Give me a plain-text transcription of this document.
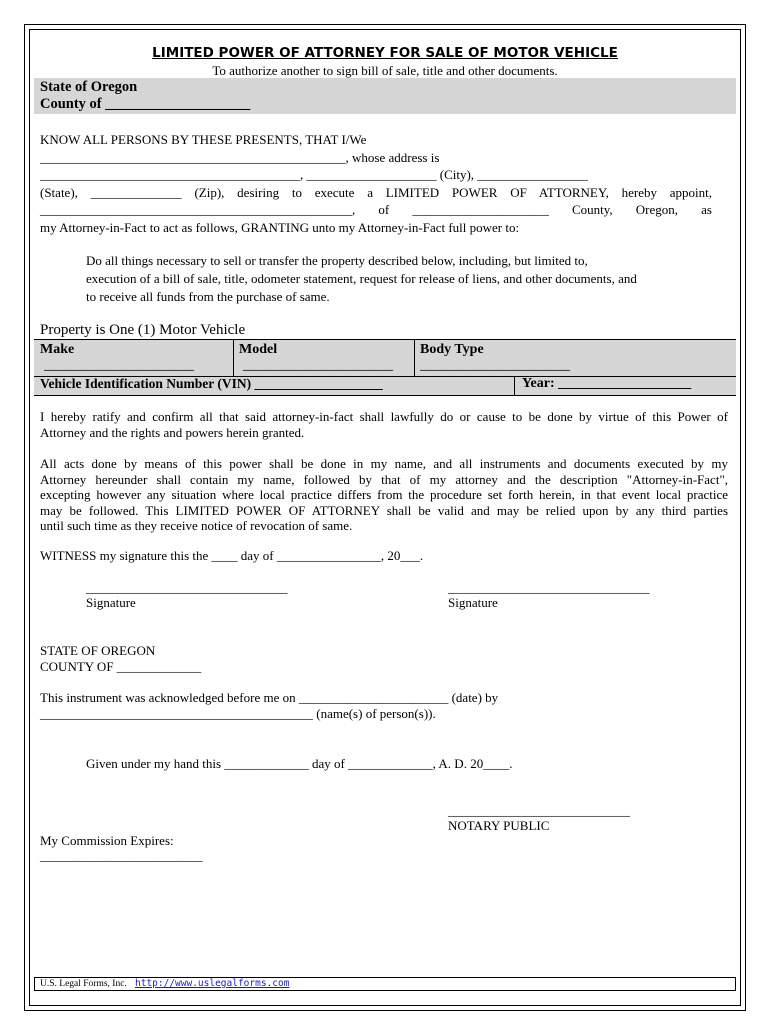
LIMITED POWER OF ATTORNEY FOR SALE OF MOTOR VEHICLE
To authorize another to sign bill of sale, title and other documents.
State of Oregon
County of ____________________
KNOW ALL PERSONS BY THESE PRESENTS, THAT I/We
_______________________________________________, whose address is
________________________________________, ____________________ (City), _________________
(State), ______________ (Zip), desiring to execute a LIMITED POWER OF ATTORNEY, hereby appoint,
________________________________________________, of _____________________ County, Oregon, as
my Attorney-in-Fact to act as follows, GRANTING unto my Attorney-in-Fact full power to:
Do all things necessary to sell or transfer the property described below, including, but limited to,
execution of a bill of sale, title, odometer statement, request for release of liens, and other documents, and
to receive all funds from the purchase of same.
Property is One (1) Motor Vehicle
Make
____________________
Model
____________________
Body Type
____________________
Vehicle Identification Number (VIN) ___________________	Year: ___________________
I hereby ratify and confirm all that said attorney-in-fact shall lawfully do or cause to be done by virtue of this Power of
Attorney and the rights and powers herein granted.
All acts done by means of this power shall be done in my name, and all instruments and documents executed by my
Attorney hereunder shall contain my name, followed by that of my attorney and the description "Attorney-in-Fact",
excepting however any situation where local practice differs from the procedure set forth herein, in that event local practice
may be followed. This LIMITED POWER OF ATTORNEY shall be valid and may be relied upon by any third parties
until such time as they receive notice of revocation of same.
WITNESS my signature this the ____ day of ________________, 20___.
_______________________________
Signature
_______________________________
Signature
STATE OF OREGON
COUNTY OF _____________
This instrument was acknowledged before me on _______________________ (date) by
__________________________________________ (name(s) of person(s)).
Given under my hand this _____________ day of _____________, A. D. 20____.
____________________________
NOTARY PUBLIC
My Commission Expires:
_________________________
U.S. Legal Forms, Inc. http://www.uslegalforms.com
